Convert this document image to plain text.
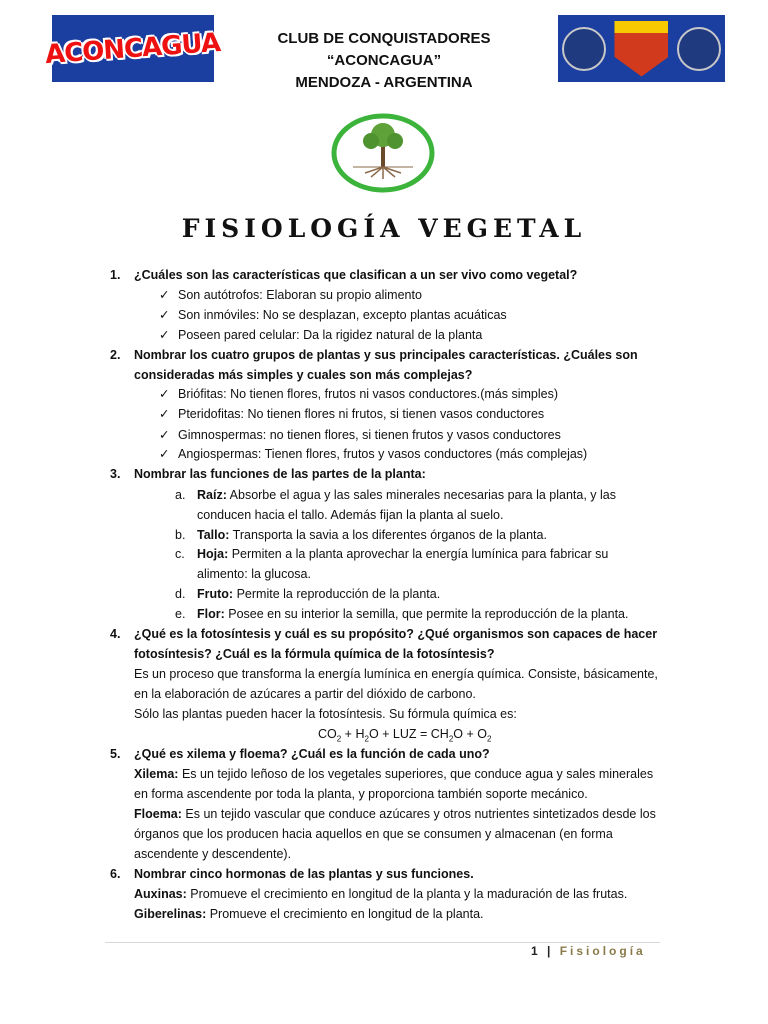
ACONCAGUA	CLUB DE CONQUISTADORES
“ACONCAGUA”
MENDOZA - ARGENTINA
FISIOLOGÍA VEGETAL
1. ¿Cuáles son las características que clasifican a un ser vivo como vegetal?
✓ Son autótrofos: Elaboran su propio alimento
✓ Son inmóviles: No se desplazan, excepto plantas acuáticas
✓ Poseen pared celular: Da la rigidez natural de la planta
2. Nombrar los cuatro grupos de plantas y sus principales características. ¿Cuáles son
consideradas más simples y cuales son más complejas?
✓ Briófitas: No tienen flores, frutos ni vasos conductores.(más simples)
✓ Pteridofitas: No tienen flores ni frutos, si tienen vasos conductores
✓ Gimnospermas: no tienen flores, si tienen frutos y vasos conductores
✓ Angiospermas: Tienen flores, frutos y vasos conductores (más complejas)
3. Nombrar las funciones de las partes de la planta:
a. Raíz: Absorbe el agua y las sales minerales necesarias para la planta, y las
conducen hacia el tallo. Además fijan la planta al suelo.
b. Tallo: Transporta la savia a los diferentes órganos de la planta.
c. Hoja: Permiten a la planta aprovechar la energía lumínica para fabricar su
alimento: la glucosa.
d. Fruto: Permite la reproducción de la planta.
e. Flor: Posee en su interior la semilla, que permite la reproducción de la planta.
4. ¿Qué es la fotosíntesis y cuál es su propósito? ¿Qué organismos son capaces de hacer
fotosíntesis? ¿Cuál es la fórmula química de la fotosíntesis?
Es un proceso que transforma la energía lumínica en energía química. Consiste, básicamente,
en la elaboración de azúcares a partir del dióxido de carbono.
Sólo las plantas pueden hacer la fotosíntesis. Su fórmula química es:
$CO_2 + H_2O$ + LUZ = $CH_2O + O_2$
5. ¿Qué es xilema y floema? ¿Cuál es la función de cada uno?
Xilema: Es un tejido leñoso de los vegetales superiores, que conduce agua y sales minerales
en forma ascendente por toda la planta, y proporciona también soporte mecánico.
Floema: Es un tejido vascular que conduce azúcares y otros nutrientes sintetizados desde los
órganos que los producen hacia aquellos en que se consumen y almacenan (en forma
ascendente y descendente).
6. Nombrar cinco hormonas de las plantas y sus funciones.
Auxinas: Promueve el crecimiento en longitud de la planta y la maduración de las frutas.
Giberelinas: Promueve el crecimiento en longitud de la planta.
1 | Fisiología
